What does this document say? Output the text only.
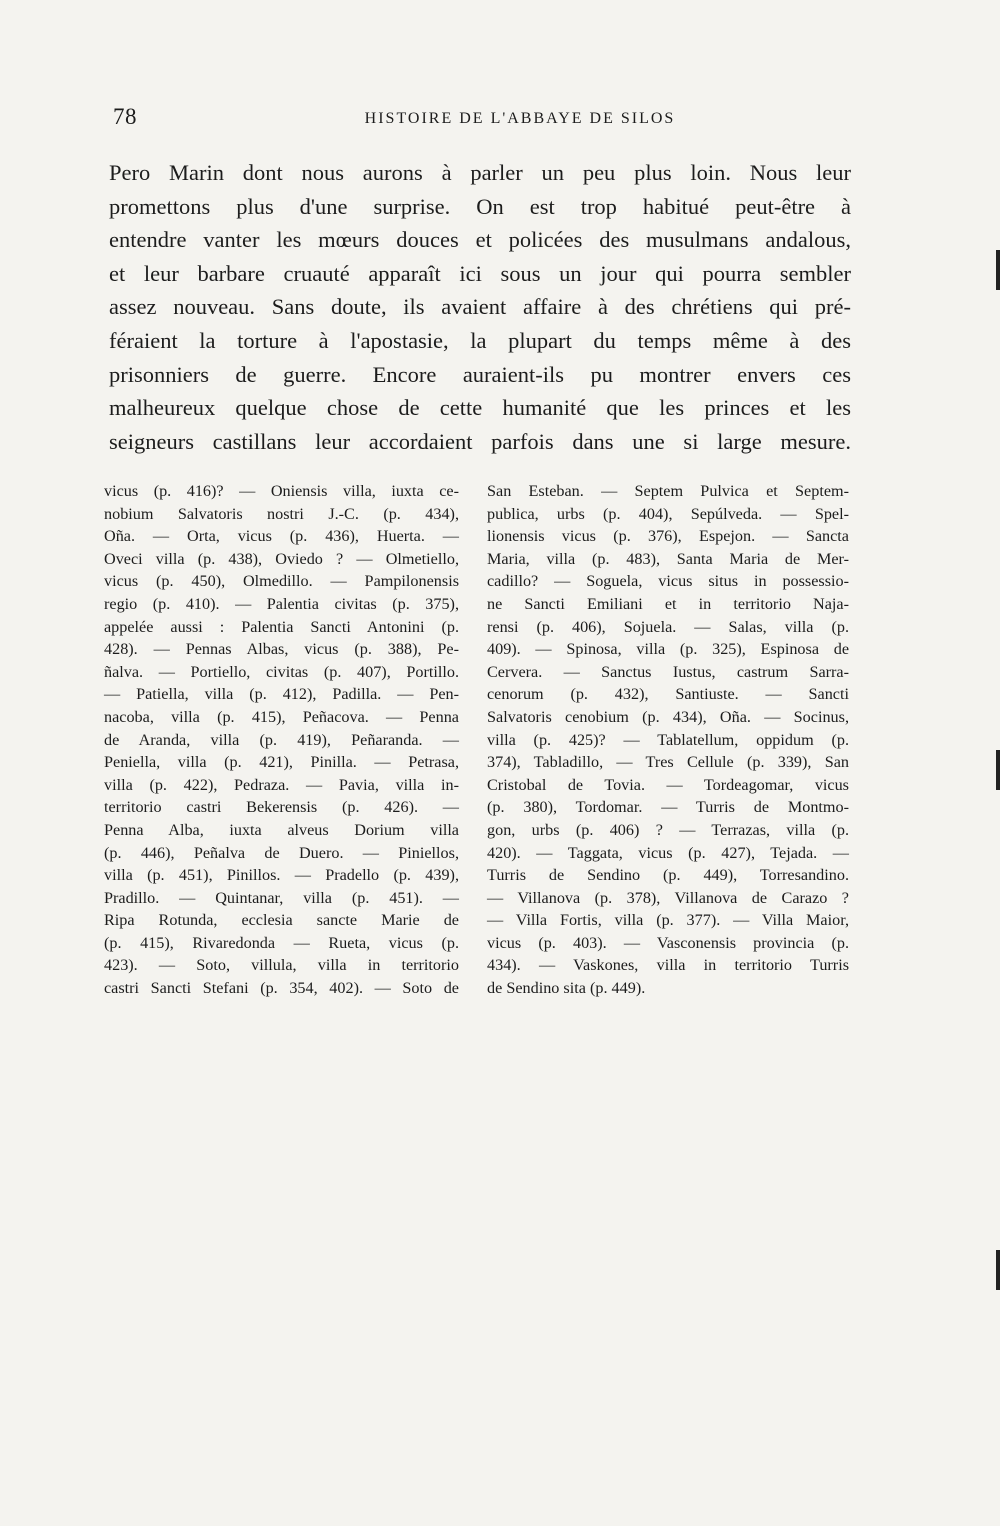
78	HISTOIRE DE L'ABBAYE DE SILOS
Pero Marin dont nous aurons à parler un peu plus loin. Nous leur
promettons plus d'une surprise. On est trop habitué peut-être à
entendre vanter les mœurs douces et policées des musulmans andalous,
et leur barbare cruauté apparaît ici sous un jour qui pourra sembler
assez nouveau. Sans doute, ils avaient affaire à des chrétiens qui pré-
féraient la torture à l'apostasie, la plupart du temps même à des
prisonniers de guerre. Encore auraient-ils pu montrer envers ces
malheureux quelque chose de cette humanité que les princes et les
seigneurs castillans leur accordaient parfois dans une si large mesure.
vicus (p. 416)? — Oniensis villa, iuxta ce-
nobium Salvatoris nostri J.-C. (p. 434),
Oña. — Orta, vicus (p. 436), Huerta. —
Oveci villa (p. 438), Oviedo ? — Olmetiello,
vicus (p. 450), Olmedillo. — Pampilonensis
regio (p. 410). — Palentia civitas (p. 375),
appelée aussi : Palentia Sancti Antonini (p.
428). — Pennas Albas, vicus (p. 388), Pe-
ñalva. — Portiello, civitas (p. 407), Portillo.
— Patiella, villa (p. 412), Padilla. — Pen-
nacoba, villa (p. 415), Peñacova. — Penna
de Aranda, villa (p. 419), Peñaranda. —
Peniella, villa (p. 421), Pinilla. — Petrasa,
villa (p. 422), Pedraza. — Pavia, villa in-
territorio castri Bekerensis (p. 426). —
Penna Alba, iuxta alveus Dorium villa
(p. 446), Peñalva de Duero. — Piniellos,
villa (p. 451), Pinillos. — Pradello (p. 439),
Pradillo. — Quintanar, villa (p. 451). —
Ripa Rotunda, ecclesia sancte Marie de
(p. 415), Rivaredonda — Rueta, vicus (p.
423). — Soto, villula, villa in territorio
castri Sancti Stefani (p. 354, 402). — Soto de
San Esteban. — Septem Pulvica et Septem-
publica, urbs (p. 404), Sepúlveda. — Spel-
lionensis vicus (p. 376), Espejon. — Sancta
Maria, villa (p. 483), Santa Maria de Mer-
cadillo? — Soguela, vicus situs in possessio-
ne Sancti Emiliani et in territorio Naja-
rensi (p. 406), Sojuela. — Salas, villa (p.
409). — Spinosa, villa (p. 325), Espinosa de
Cervera. — Sanctus Iustus, castrum Sarra-
cenorum (p. 432), Santiuste. — Sancti
Salvatoris cenobium (p. 434), Oña. — Socinus,
villa (p. 425)? — Tablatellum, oppidum (p.
374), Tabladillo, — Tres Cellule (p. 339), San
Cristobal de Tovia. — Tordeagomar, vicus
(p. 380), Tordomar. — Turris de Montmo-
gon, urbs (p. 406) ? — Terrazas, villa (p.
420). — Taggata, vicus (p. 427), Tejada. —
Turris de Sendino (p. 449), Torresandino.
— Villanova (p. 378), Villanova de Carazo ?
— Villa Fortis, villa (p. 377). — Villa Maior,
vicus (p. 403). — Vasconensis provincia (p.
434). — Vaskones, villa in territorio Turris
de Sendino sita (p. 449).
